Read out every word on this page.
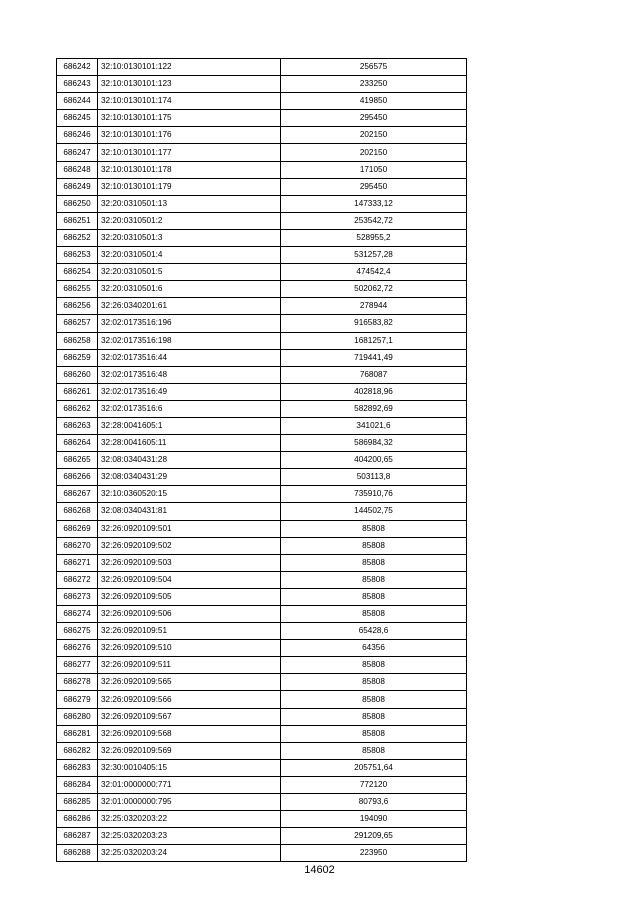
686242	32:10:0130101:122	256575
686243	32:10:0130101:123	233250
686244	32:10:0130101:174	419850
686245	32:10:0130101:175	295450
686246	32:10:0130101:176	202150
686247	32:10:0130101:177	202150
686248	32:10:0130101:178	171050
686249	32:10:0130101:179	295450
686250	32:20:0310501:13	147333,12
686251	32:20:0310501:2	253542,72
686252	32:20:0310501:3	528955,2
686253	32:20:0310501:4	531257,28
686254	32:20:0310501:5	474542,4
686255	32:20:0310501:6	502062,72
686256	32:26:0340201:61	278944
686257	32:02:0173516:196	916583,82
686258	32:02:0173516:198	1681257,1
686259	32:02:0173516:44	719441,49
686260	32:02:0173516:48	768087
686261	32:02:0173516:49	402818,96
686262	32:02:0173516:6	582892,69
686263	32:28:0041605:1	341021,6
686264	32:28:0041605:11	586984,32
686265	32:08:0340431:28	404200,65
686266	32:08:0340431:29	503113,8
686267	32:10:0360520:15	735910,76
686268	32:08:0340431:81	144502,75
686269	32:26:0920109:501	85808
686270	32:26:0920109:502	85808
686271	32:26:0920109:503	85808
686272	32:26:0920109:504	85808
686273	32:26:0920109:505	85808
686274	32:26:0920109:506	85808
686275	32:26:0920109:51	65428,6
686276	32:26:0920109:510	64356
686277	32:26:0920109:511	85808
686278	32:26:0920109:565	85808
686279	32:26:0920109:566	85808
686280	32:26:0920109:567	85808
686281	32:26:0920109:568	85808
686282	32:26:0920109:569	85808
686283	32:30:0010405:15	205751,64
686284	32:01:0000000:771	772120
686285	32:01:0000000:795	80793,6
686286	32:25:0320203:22	194090
686287	32:25:0320203:23	291209,65
686288	32:25:0320203:24	223950
14602
